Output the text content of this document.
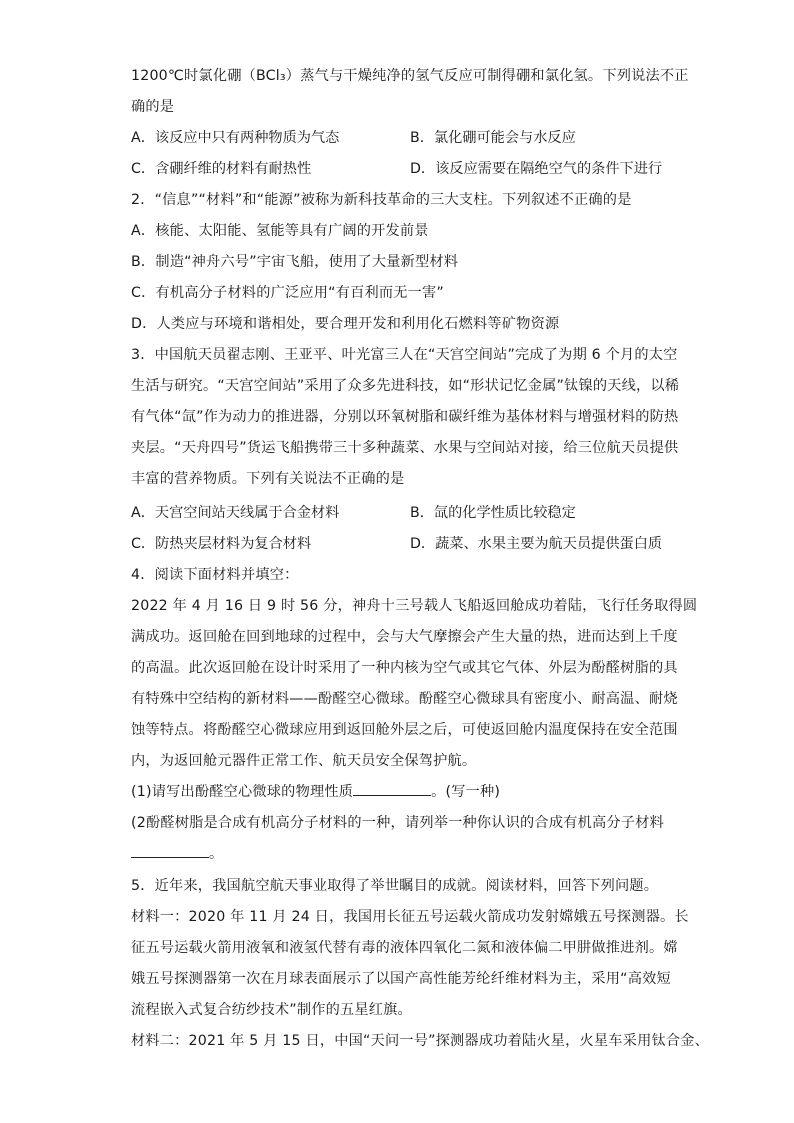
1200℃时氯化硼（BCl₃）蒸气与干燥纯净的氢气反应可制得硼和氯化氢。下列说法不正
确的是
A．该反应中只有两种物质为气态	B．氯化硼可能会与水反应
C．含硼纤维的材料有耐热性	D．该反应需要在隔绝空气的条件下进行
2．“信息”“材料”和“能源”被称为新科技革命的三大支柱。下列叙述不正确的是
A．核能、太阳能、氢能等具有广阔的开发前景
B．制造“神舟六号”宇宙飞船，使用了大量新型材料
C．有机高分子材料的广泛应用“有百利而无一害”
D．人类应与环境和谐相处，要合理开发和利用化石燃料等矿物资源
3．中国航天员翟志刚、王亚平、叶光富三人在“天宫空间站”完成了为期 6 个月的太空
生活与研究。“天宫空间站”采用了众多先进科技，如“形状记忆金属”钛镍的天线，以稀
有气体“氙”作为动力的推进器，分别以环氧树脂和碳纤维为基体材料与增强材料的防热
夹层。“天舟四号”货运飞船携带三十多种蔬菜、水果与空间站对接，给三位航天员提供
丰富的营养物质。下列有关说法不正确的是
A．天宫空间站天线属于合金材料	B．氙的化学性质比较稳定
C．防热夹层材料为复合材料	D．蔬菜、水果主要为航天员提供蛋白质
4．阅读下面材料并填空：
2022 年 4 月 16 日 9 时 56 分，神舟十三号载人飞船返回舱成功着陆，飞行任务取得圆
满成功。返回舱在回到地球的过程中，会与大气摩擦会产生大量的热，进而达到上千度
的高温。此次返回舱在设计时采用了一种内核为空气或其它气体、外层为酚醛树脂的具
有特殊中空结构的新材料——酚醛空心微球。酚醛空心微球具有密度小、耐高温、耐烧
蚀等特点。将酚醛空心微球应用到返回舱外层之后，可使返回舱内温度保持在安全范围
内，为返回舱元器件正常工作、航天员安全保驾护航。
(1)请写出酚醛空心微球的物理性质	。(写一种)
(2酚醛树脂是合成有机高分子材料的一种，请列举一种你认识的合成有机高分子材料
。
5．近年来，我国航空航天事业取得了举世瞩目的成就。阅读材料，回答下列问题。
材料一：2020 年 11 月 24 日，我国用长征五号运载火箭成功发射嫦娥五号探测器。长
征五号运载火箭用液氧和液氢代替有毒的液体四氧化二氮和液体偏二甲肼做推进剂。嫦
娥五号探测器第一次在月球表面展示了以国产高性能芳纶纤维材料为主，采用“高效短
流程嵌入式复合纺纱技术”制作的五星红旗。
材料二：2021 年 5 月 15 日，中国“天问一号”探测器成功着陆火星，火星车采用钛合金、
